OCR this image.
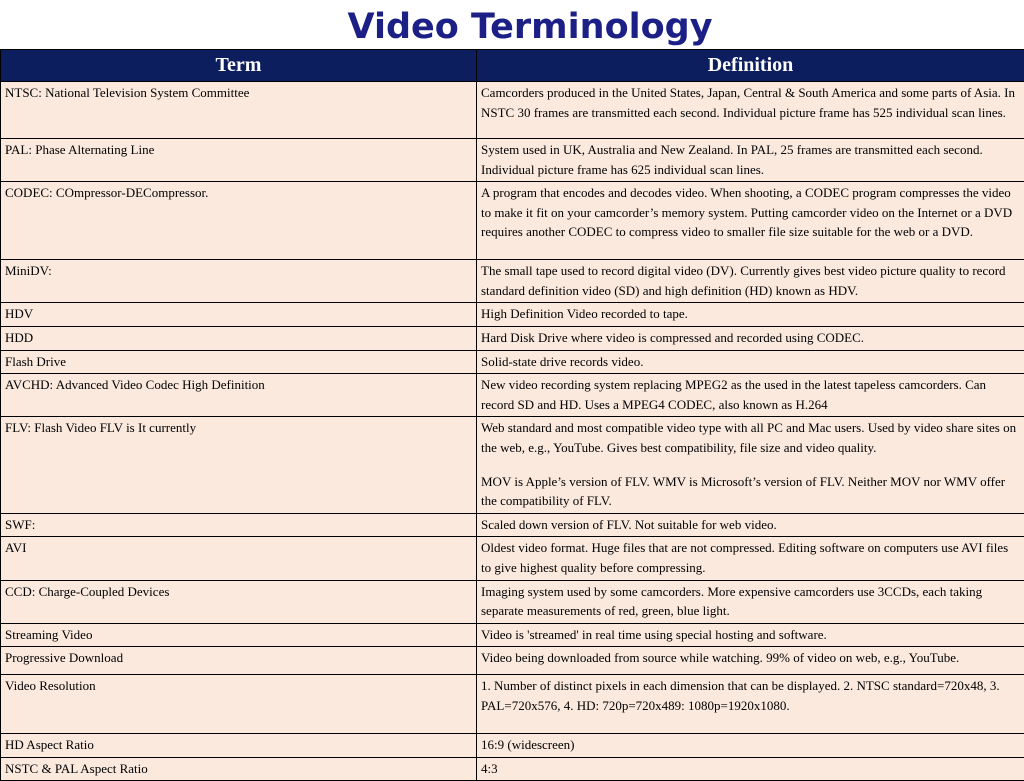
Video Terminology
Term	Definition
NTSC: National Television System Committee	Camcorders produced in the United States, Japan, Central & South America and some parts of Asia. In NSTC 30 frames are transmitted each second. Individual picture frame has 525 individual scan lines.

PAL: Phase Alternating Line	System used in UK, Australia and New Zealand. In PAL, 25 frames are transmitted each second. Individual picture frame has 625 individual scan lines.

CODEC: COmpressor-DECompressor.	A program that encodes and decodes video. When shooting, a CODEC program compresses the video to make it fit on your camcorder’s memory system. Putting camcorder video on the Internet or a DVD requires another CODEC to compress video to smaller file size suitable for the web or a DVD.

MiniDV:	The small tape used to record digital video (DV). Currently gives best video picture quality to record standard definition video (SD) and high definition (HD) known as HDV.

HDV	High Definition Video recorded to tape.

HDD	Hard Disk Drive where video is compressed and recorded using CODEC.

Flash Drive	Solid-state drive records video.

AVCHD: Advanced Video Codec High Definition	New video recording system replacing MPEG2 as the used in the latest tapeless camcorders. Can record SD and HD. Uses a MPEG4 CODEC, also known as H.264

FLV: Flash Video FLV is It currently	Web standard and most compatible video type with all PC and Mac users. Used by video share sites on the web, e.g., YouTube. Gives best compatibility, file size and video quality.
MOV is Apple’s version of FLV. WMV is Microsoft’s version of FLV. Neither MOV nor WMV offer the compatibility of FLV.

SWF:	Scaled down version of FLV. Not suitable for web video.

AVI	Oldest video format. Huge files that are not compressed. Editing software on computers use AVI files to give highest quality before compressing.

CCD: Charge-Coupled Devices	Imaging system used by some camcorders. More expensive camcorders use 3CCDs, each taking separate measurements of red, green, blue light.

Streaming Video	Video is 'streamed' in real time using special hosting and software.

Progressive Download	Video being downloaded from source while watching. 99% of video on web, e.g., YouTube.

Video Resolution	1. Number of distinct pixels in each dimension that can be displayed. 2. NTSC standard=720x48, 3. PAL=720x576, 4. HD: 720p=720x489: 1080p=1920x1080.

HD Aspect Ratio	16:9 (widescreen)

NSTC & PAL Aspect Ratio	4:3
